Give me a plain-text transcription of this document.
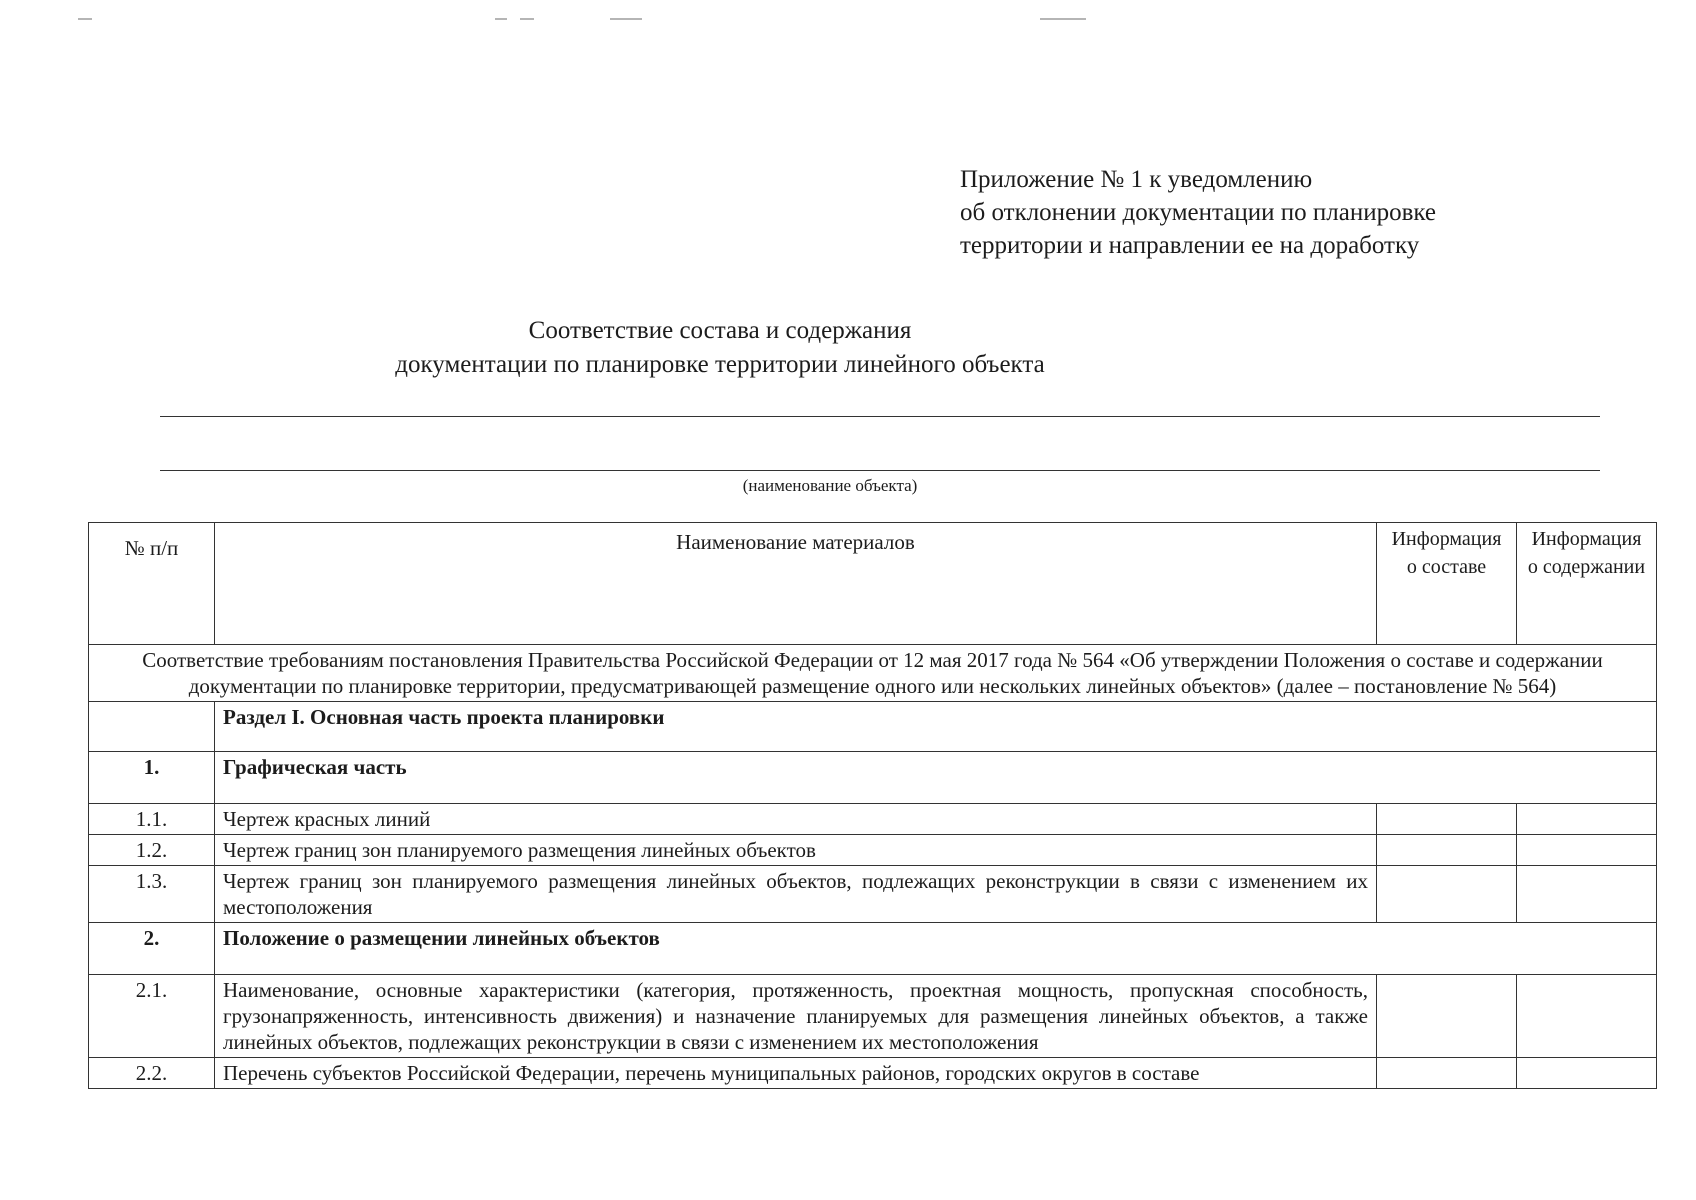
Приложение № 1 к уведомлению
об отклонении документации по планировке
территории и направлении ее на доработку
Соответствие состава и содержания
документации по планировке территории линейного объекта
(наименование объекта)
№ п/п	Наименование материалов	Информация о составе	Информация о содержании
Соответствие требованиям постановления Правительства Российской Федерации от 12 мая 2017 года № 564 «Об утверждении Положения о составе и содержании документации по планировке территории, предусматривающей размещение одного или нескольких линейных объектов» (далее – постановление № 564)			
	Раздел I. Основная часть проекта планировки		
1.	Графическая часть		
1.1.	Чертеж красных линий		
1.2.	Чертеж границ зон планируемого размещения линейных объектов		
1.3.	Чертеж границ зон планируемого размещения линейных объектов, подлежащих реконструкции в связи с изменением их местоположения		
2.	Положение о размещении линейных объектов		
2.1.	Наименование, основные характеристики (категория, протяженность, проектная мощность, пропускная способность, грузонапряженность, интенсивность движения) и назначение планируемых для размещения линейных объектов, а также линейных объектов, подлежащих реконструкции в связи с изменением их местоположения		
2.2.	Перечень субъектов Российской Федерации, перечень муниципальных районов, городских округов в составе		
